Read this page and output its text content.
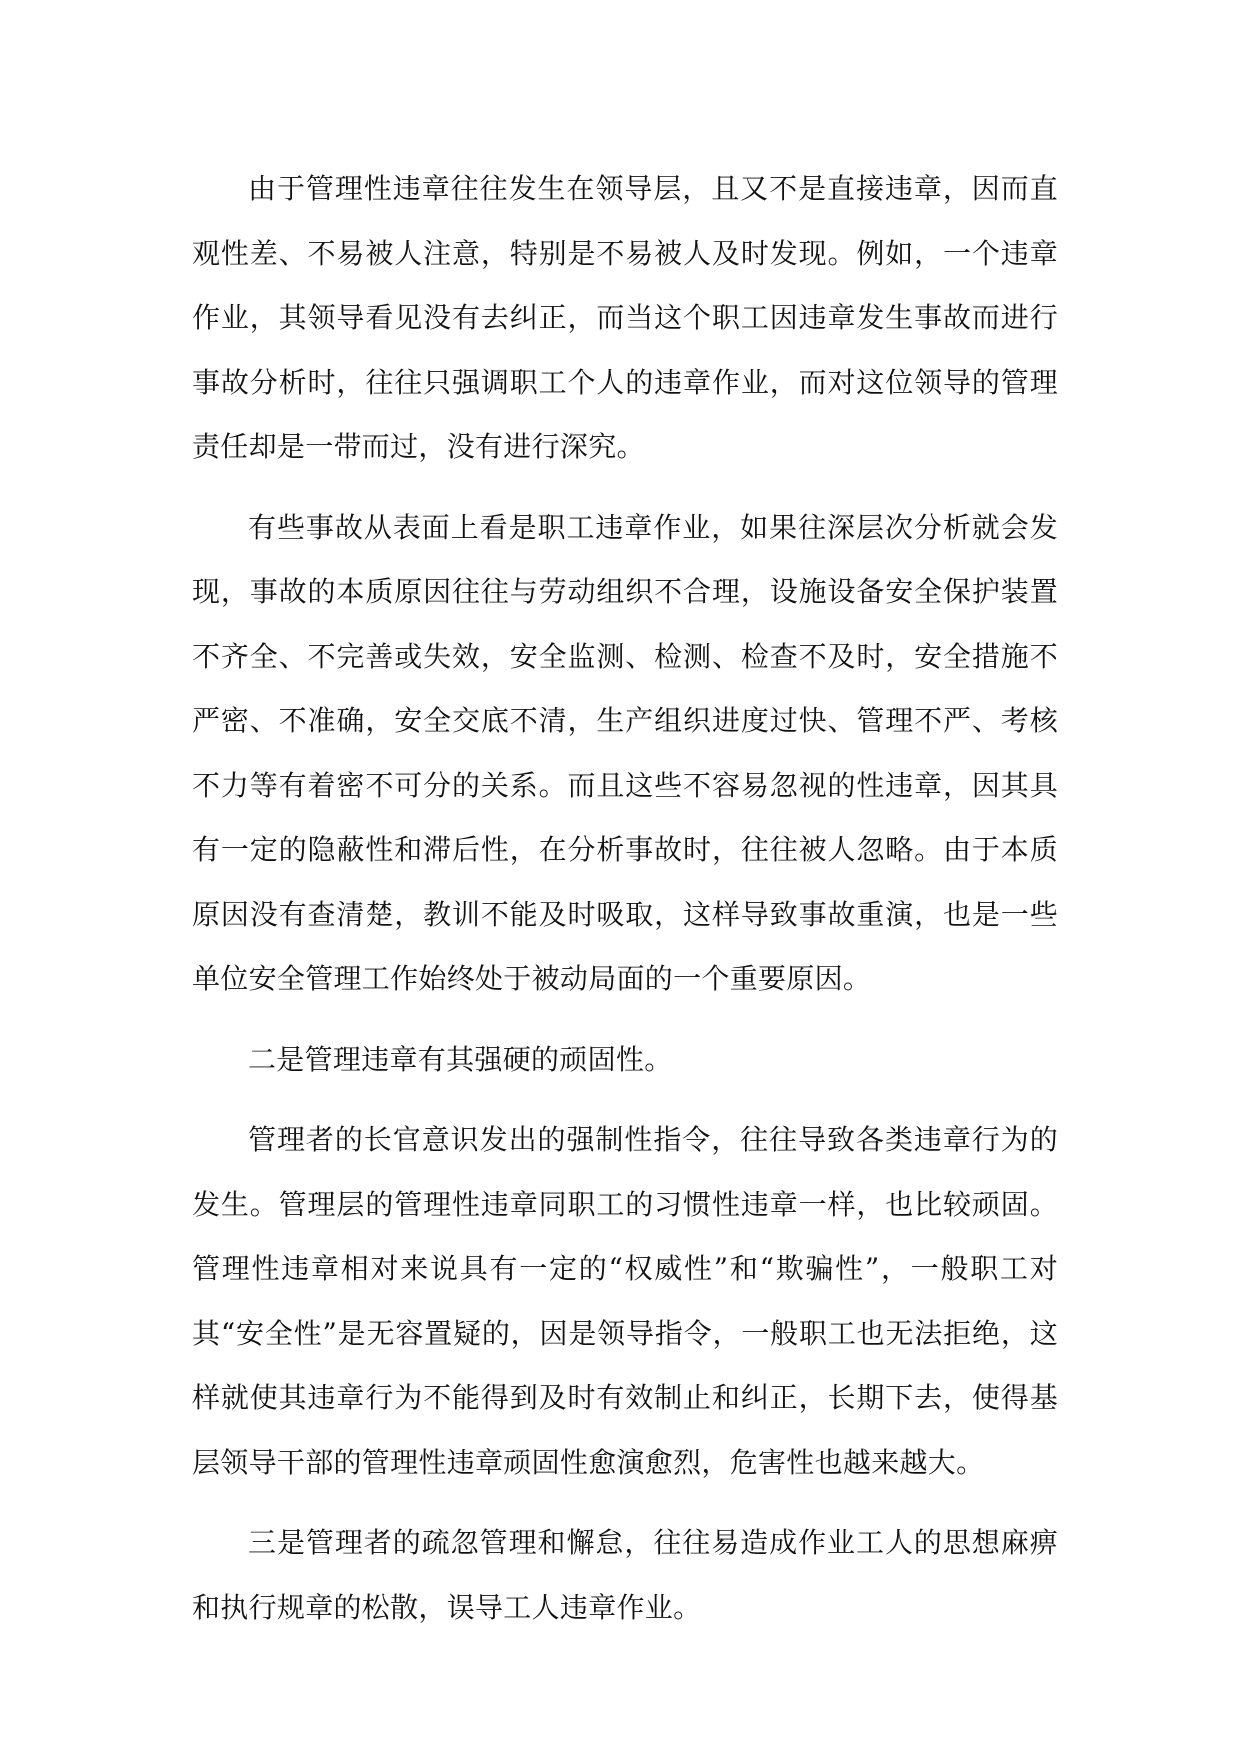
由于管理性违章往往发生在领导层，且又不是直接违章，因而直观性差、不易被人注意，特别是不易被人及时发现。例如，一个违章作业，其领导看见没有去纠正，而当这个职工因违章发生事故而进行事故分析时，往往只强调职工个人的违章作业，而对这位领导的管理责任却是一带而过，没有进行深究。

有些事故从表面上看是职工违章作业，如果往深层次分析就会发现，事故的本质原因往往与劳动组织不合理，设施设备安全保护装置不齐全、不完善或失效，安全监测、检测、检查不及时，安全措施不严密、不准确，安全交底不清，生产组织进度过快、管理不严、考核不力等有着密不可分的关系。而且这些不容易忽视的性违章，因其具有一定的隐蔽性和滞后性，在分析事故时，往往被人忽略。由于本质原因没有查清楚，教训不能及时吸取，这样导致事故重演，也是一些单位安全管理工作始终处于被动局面的一个重要原因。

二是管理违章有其强硬的顽固性。

管理者的长官意识发出的强制性指令，往往导致各类违章行为的发生。管理层的管理性违章同职工的习惯性违章一样，也比较顽固。管理性违章相对来说具有一定的“权威性”和“欺骗性”，一般职工对其“安全性”是无容置疑的，因是领导指令，一般职工也无法拒绝，这样就使其违章行为不能得到及时有效制止和纠正，长期下去，使得基层领导干部的管理性违章顽固性愈演愈烈，危害性也越来越大。

三是管理者的疏忽管理和懈怠，往往易造成作业工人的思想麻痹和执行规章的松散，误导工人违章作业。
